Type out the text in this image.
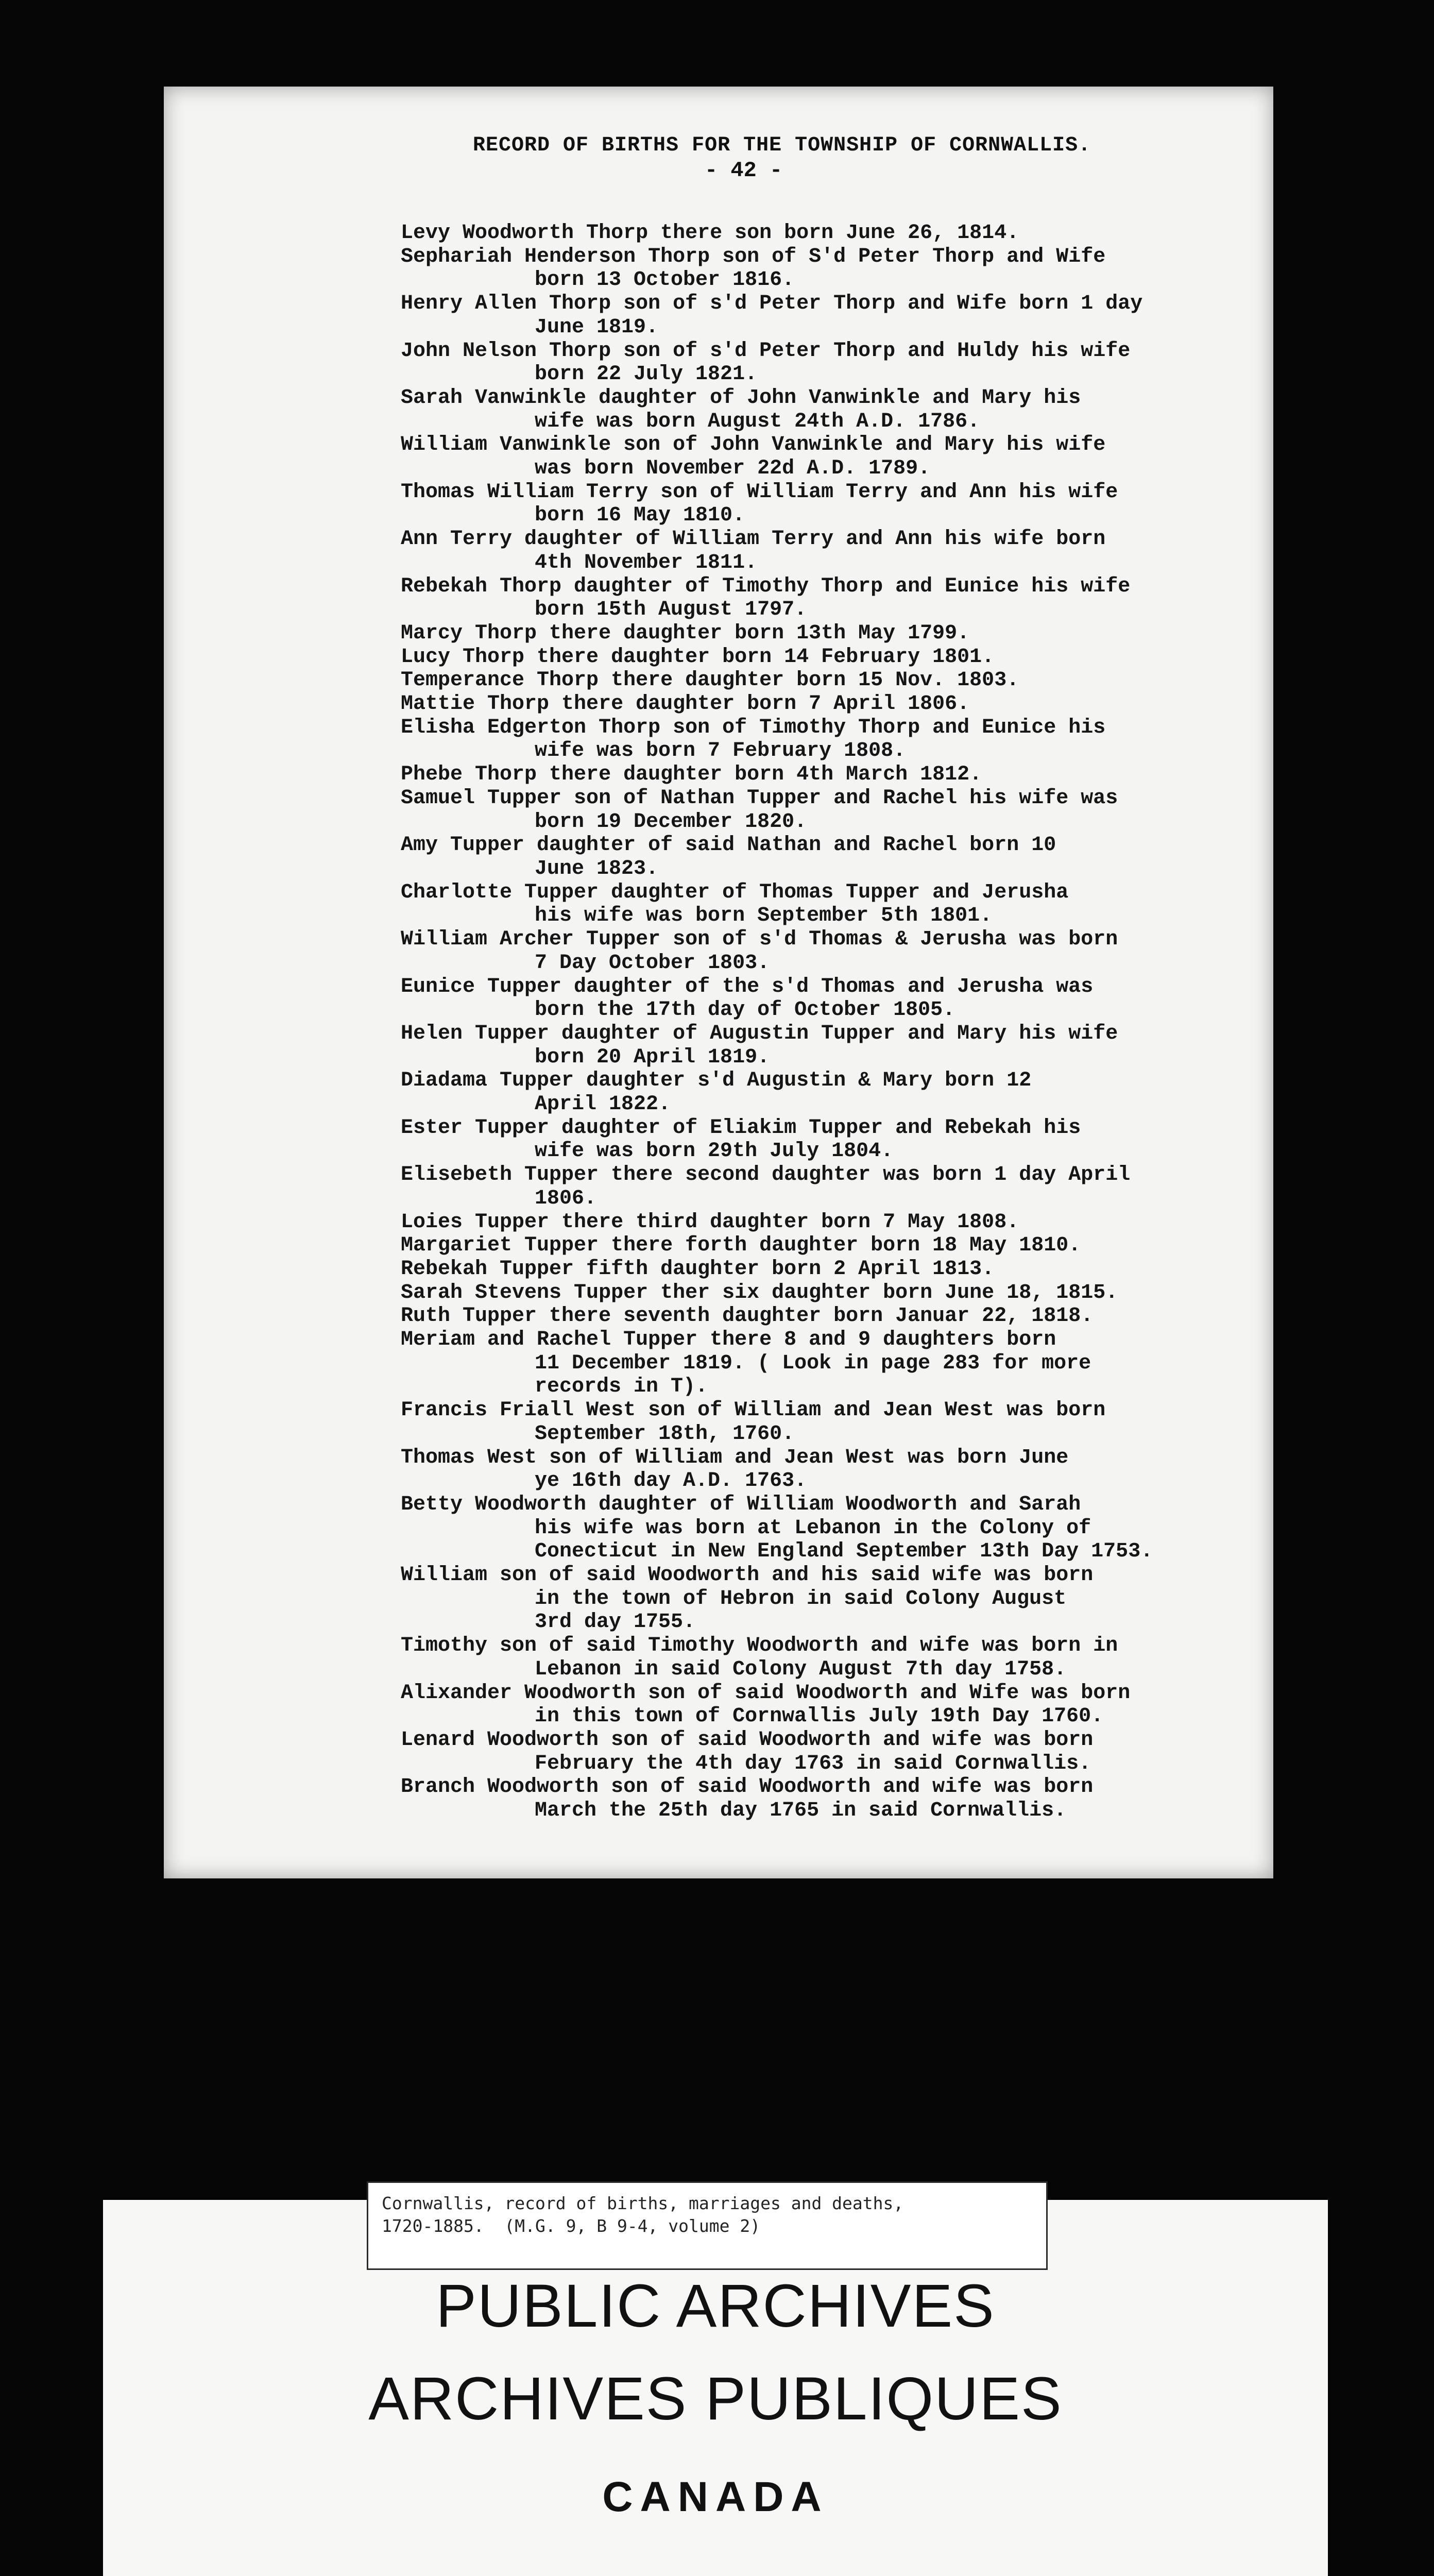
RECORD OF BIRTHS FOR THE TOWNSHIP OF CORNWALLIS.
- 42 -
Levy Woodworth Thorp there son born June 26, 1814.
Sephariah Henderson Thorp son of S'd Peter Thorp and Wife
born 13 October 1816.
Henry Allen Thorp son of s'd Peter Thorp and Wife born 1 day
June 1819.
John Nelson Thorp son of s'd Peter Thorp and Huldy his wife
born 22 July 1821.
Sarah Vanwinkle daughter of John Vanwinkle and Mary his
wife was born August 24th A.D. 1786.
William Vanwinkle son of John Vanwinkle and Mary his wife
was born November 22d A.D. 1789.
Thomas William Terry son of William Terry and Ann his wife
born 16 May 1810.
Ann Terry daughter of William Terry and Ann his wife born
4th November 1811.
Rebekah Thorp daughter of Timothy Thorp and Eunice his wife
born 15th August 1797.
Marcy Thorp there daughter born 13th May 1799.
Lucy Thorp there daughter born 14 February 1801.
Temperance Thorp there daughter born 15 Nov. 1803.
Mattie Thorp there daughter born 7 April 1806.
Elisha Edgerton Thorp son of Timothy Thorp and Eunice his
wife was born 7 February 1808.
Phebe Thorp there daughter born 4th March 1812.
Samuel Tupper son of Nathan Tupper and Rachel his wife was
born 19 December 1820.
Amy Tupper daughter of said Nathan and Rachel born 10
June 1823.
Charlotte Tupper daughter of Thomas Tupper and Jerusha
his wife was born September 5th 1801.
William Archer Tupper son of s'd Thomas & Jerusha was born
7 Day October 1803.
Eunice Tupper daughter of the s'd Thomas and Jerusha was
born the 17th day of October 1805.
Helen Tupper daughter of Augustin Tupper and Mary his wife
born 20 April 1819.
Diadama Tupper daughter s'd Augustin & Mary born 12
April 1822.
Ester Tupper daughter of Eliakim Tupper and Rebekah his
wife was born 29th July 1804.
Elisebeth Tupper there second daughter was born 1 day April
1806.
Loies Tupper there third daughter born 7 May 1808.
Margariet Tupper there forth daughter born 18 May 1810.
Rebekah Tupper fifth daughter born 2 April 1813.
Sarah Stevens Tupper ther six daughter born June 18, 1815.
Ruth Tupper there seventh daughter born Januar 22, 1818.
Meriam and Rachel Tupper there 8 and 9 daughters born
11 December 1819. ( Look in page 283 for more
records in T).
Francis Friall West son of William and Jean West was born
September 18th, 1760.
Thomas West son of William and Jean West was born June
ye 16th day A.D. 1763.
Betty Woodworth daughter of William Woodworth and Sarah
his wife was born at Lebanon in the Colony of
Conecticut in New England September 13th Day 1753.
William son of said Woodworth and his said wife was born
in the town of Hebron in said Colony August
3rd day 1755.
Timothy son of said Timothy Woodworth and wife was born in
Lebanon in said Colony August 7th day 1758.
Alixander Woodworth son of said Woodworth and Wife was born
in this town of Cornwallis July 19th Day 1760.
Lenard Woodworth son of said Woodworth and wife was born
February the 4th day 1763 in said Cornwallis.
Branch Woodworth son of said Woodworth and wife was born
March the 25th day 1765 in said Cornwallis.
Cornwallis, record of births, marriages and deaths,
1720-1885.  (M.G. 9, B 9-4, volume 2)
PUBLIC ARCHIVES
ARCHIVES PUBLIQUES
CANADA
